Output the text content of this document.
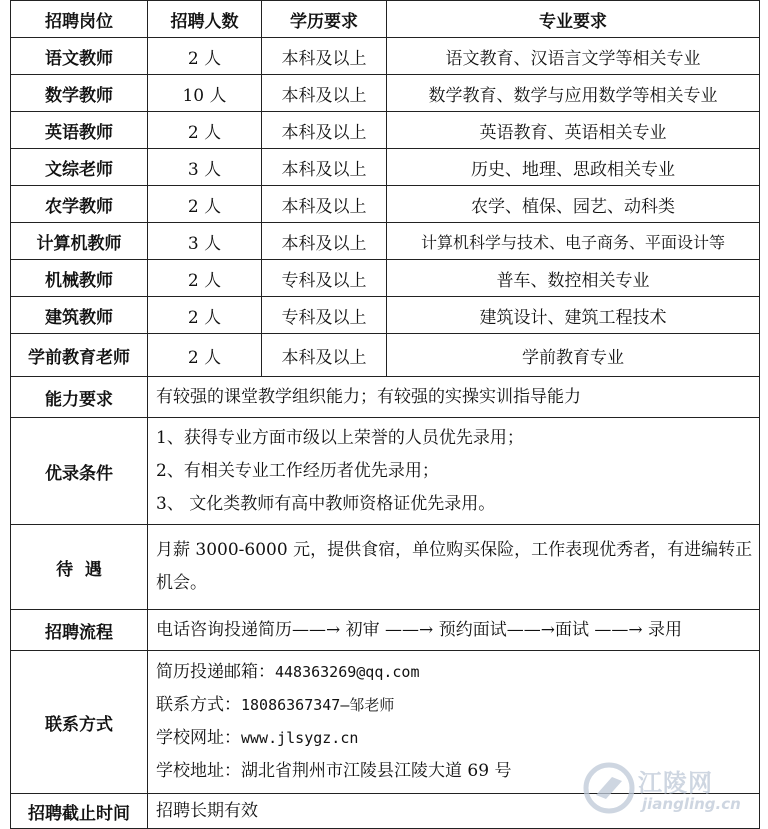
招聘岗位	招聘人数	学历要求	专业要求
语文教师	2 人	本科及以上	语文教育、汉语言文学等相关专业
数学教师	10 人	本科及以上	数学教育、数学与应用数学等相关专业
英语教师	2 人	本科及以上	英语教育、英语相关专业
文综老师	3 人	本科及以上	历史、地理、思政相关专业
农学教师	2 人	本科及以上	农学、植保、园艺、动科类
计算机教师	3 人	本科及以上	计算机科学与技术、电子商务、平面设计等
机械教师	2 人	专科及以上	普车、数控相关专业
建筑教师	2 人	专科及以上	建筑设计、建筑工程技术
学前教育老师	2 人	本科及以上	学前教育专业
能力要求	有较强的课堂教学组织能力；有较强的实操实训指导能力		
优录条件	1、获得专业方面市级以上荣誉的人员优先录用；
2、有相关专业工作经历者优先录用；
3、 文化类教师有高中教师资格证优先录用。		

待  遇	月薪 3000-6000 元，提供食宿，单位购买保险，工作表现优秀者，有进编转正机会。		
招聘流程	电话咨询投递简历——→ 初审 ——→ 预约面试——→面试 ——→ 录用		
联系方式	简历投递邮箱：448363269@qq.com
联系方式：18086367347—邹老师
学校网址：www.jlsygz.cn
学校地址：湖北省荆州市江陵县江陵大道 69 号		

招聘截止时间	招聘长期有效		
江陵网
jiangling.cn
